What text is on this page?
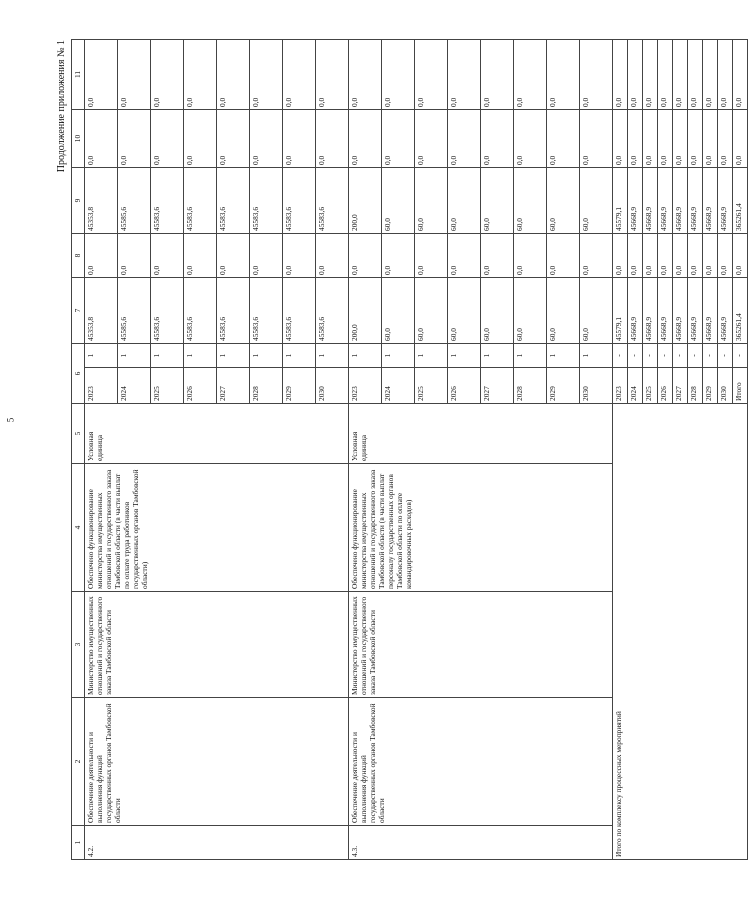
5
Продолжение приложения № 1
1	2	3	4	5	6		7	8	9	10	11
4.2.	Обеспечение деятельности и выполнения функций государственных органов Тамбовской области	Министерство имущественных отношений и государственного заказа Тамбовской области	Обеспечено функционирование министерства имущественных отношений и государственного заказа Тамбовской области (в части выплат по оплате труда работников государственных органов Тамбовской области)	Условная единица	2023	1	45353,8	0,0	45353,8	0,0	0,0
					2024	1	45585,6	0,0	45585,6	0,0	0,0
					2025	1	45583,6	0,0	45583,6	0,0	0,0
					2026	1	45583,6	0,0	45583,6	0,0	0,0
					2027	1	45583,6	0,0	45583,6	0,0	0,0
					2028	1	45583,6	0,0	45583,6	0,0	0,0
					2029	1	45583,6	0,0	45583,6	0,0	0,0
					2030	1	45583,6	0,0	45583,6	0,0	0,0
4.3.	Обеспечение деятельности и выполнения функций государственных органов Тамбовской области	Министерство имущественных отношений и государственного заказа Тамбовской области	Обеспечено функционирование министерства имущественных отношений и государственного заказа Тамбовской области (в части выплат персоналу государственных органов Тамбовской области по оплате командировочных расходов)	Условная единица	2023	1	200,0	0,0	200,0	0,0	0,0
					2024	1	60,0	0,0	60,0	0,0	0,0
					2025	1	60,0	0,0	60,0	0,0	0,0
					2026	1	60,0	0,0	60,0	0,0	0,0
					2027	1	60,0	0,0	60,0	0,0	0,0
					2028	1	60,0	0,0	60,0	0,0	0,0
					2029	1	60,0	0,0	60,0	0,0	0,0
					2030	1	60,0	0,0	60,0	0,0	0,0
Итого по комплексу процессных мероприятий					2023	-	45579,1	0,0	45579,1	0,0	0,0
					2024	-	45668,9	0,0	45668,9	0,0	0,0
					2025	-	45668,9	0,0	45668,9	0,0	0,0
					2026	-	45668,9	0,0	45668,9	0,0	0,0
					2027	-	45668,9	0,0	45668,9	0,0	0,0
					2028	-	45668,9	0,0	45668,9	0,0	0,0
					2029	-	45668,9	0,0	45668,9	0,0	0,0
					2030	-	45668,9	0,0	45668,9	0,0	0,0
					Итого	-	365261,4	0,0	365261,4	0,0	0,0
